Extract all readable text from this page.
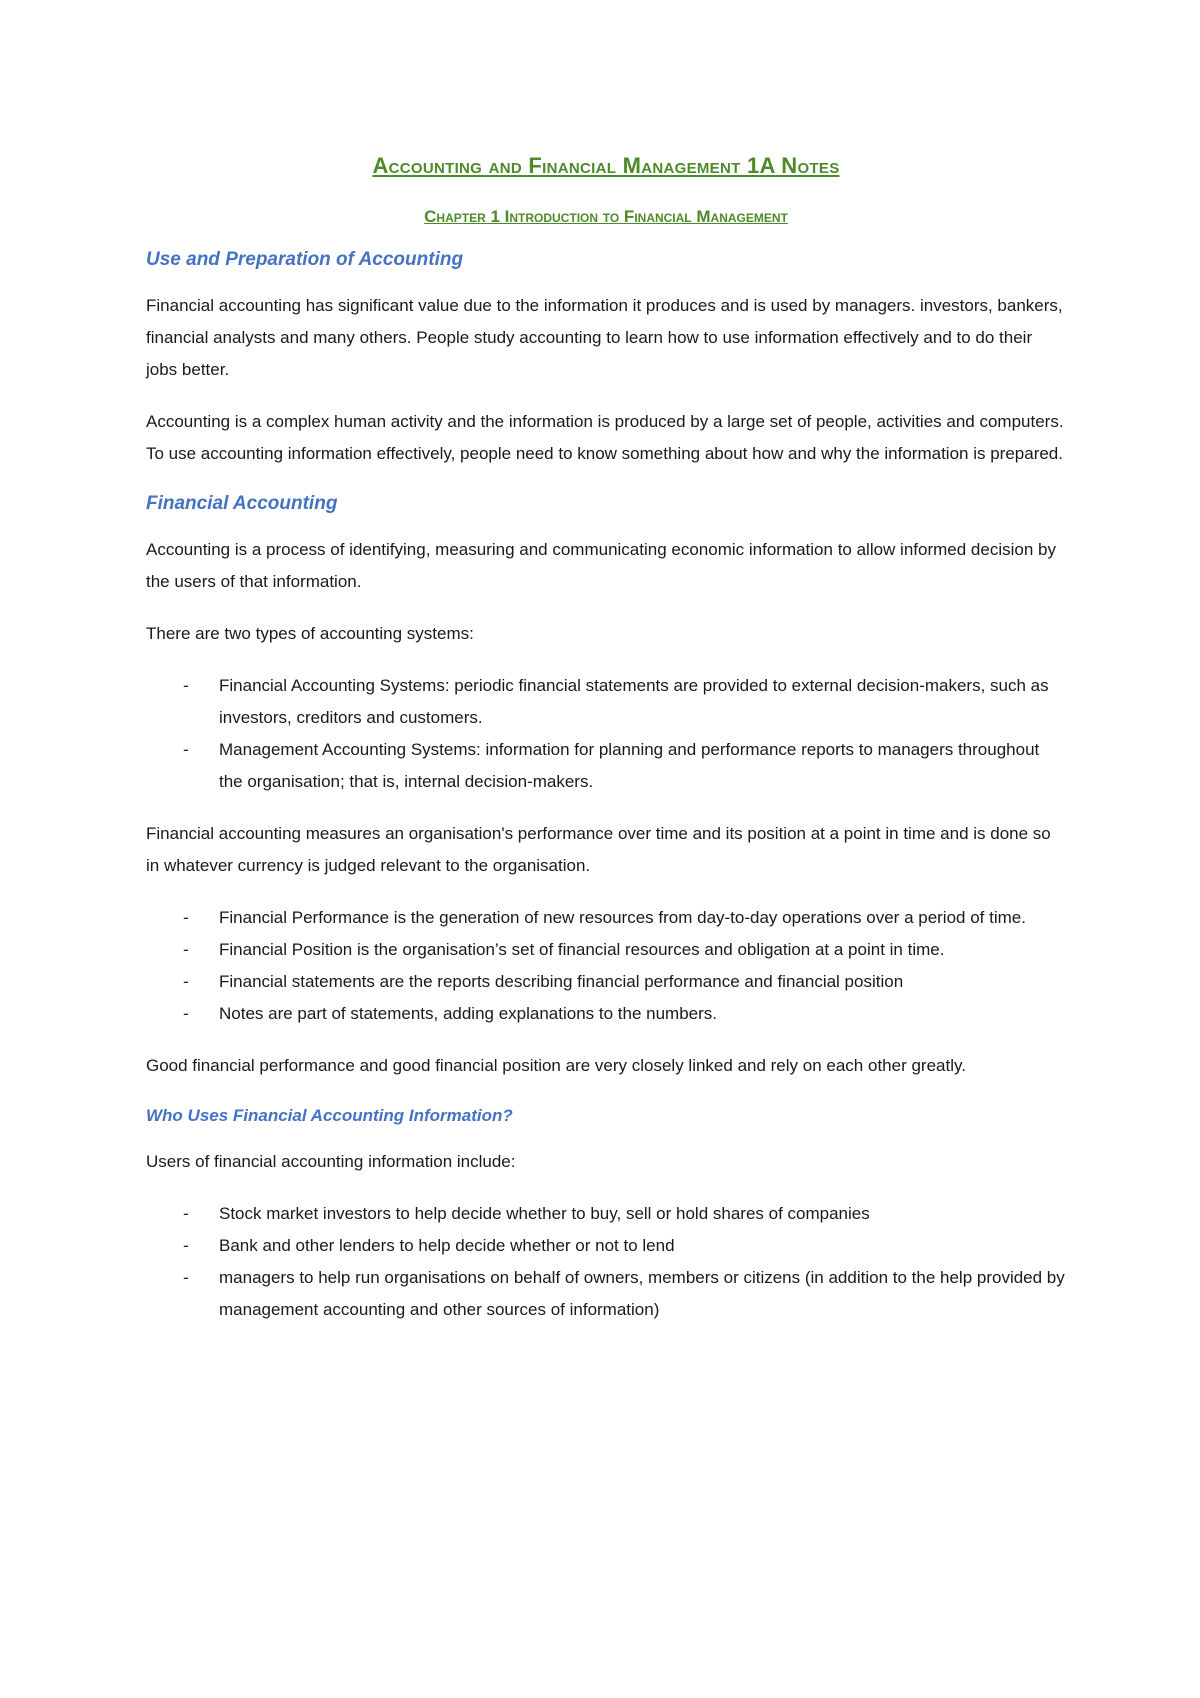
Accounting and Financial Management 1A Notes
Chapter 1 Introduction to Financial Management
Use and Preparation of Accounting

Financial accounting has significant value due to the information it produces and is used by managers. investors, bankers, financial analysts and many others. People study accounting to learn how to use information effectively and to do their jobs better.

Accounting is a complex human activity and the information is produced by a large set of people, activities and computers. To use accounting information effectively, people need to know something about how and why the information is prepared.

Financial Accounting

Accounting is a process of identifying, measuring and communicating economic information to allow informed decision by the users of that information.

There are two types of accounting systems:

- Financial Accounting Systems: periodic financial statements are provided to external decision-makers, such as investors, creditors and customers.
- Management Accounting Systems: information for planning and performance reports to managers throughout the organisation; that is, internal decision-makers.

Financial accounting measures an organisation's performance over time and its position at a point in time and is done so in whatever currency is judged relevant to the organisation.

- Financial Performance is the generation of new resources from day-to-day operations over a period of time.
- Financial Position is the organisation’s set of financial resources and obligation at a point in time.
- Financial statements are the reports describing financial performance and financial position
- Notes are part of statements, adding explanations to the numbers.

Good financial performance and good financial position are very closely linked and rely on each other greatly.

Who Uses Financial Accounting Information?

Users of financial accounting information include:

- Stock market investors to help decide whether to buy, sell or hold shares of companies
- Bank and other lenders to help decide whether or not to lend
- managers to help run organisations on behalf of owners, members or citizens (in addition to the help provided by management accounting and other sources of information)
